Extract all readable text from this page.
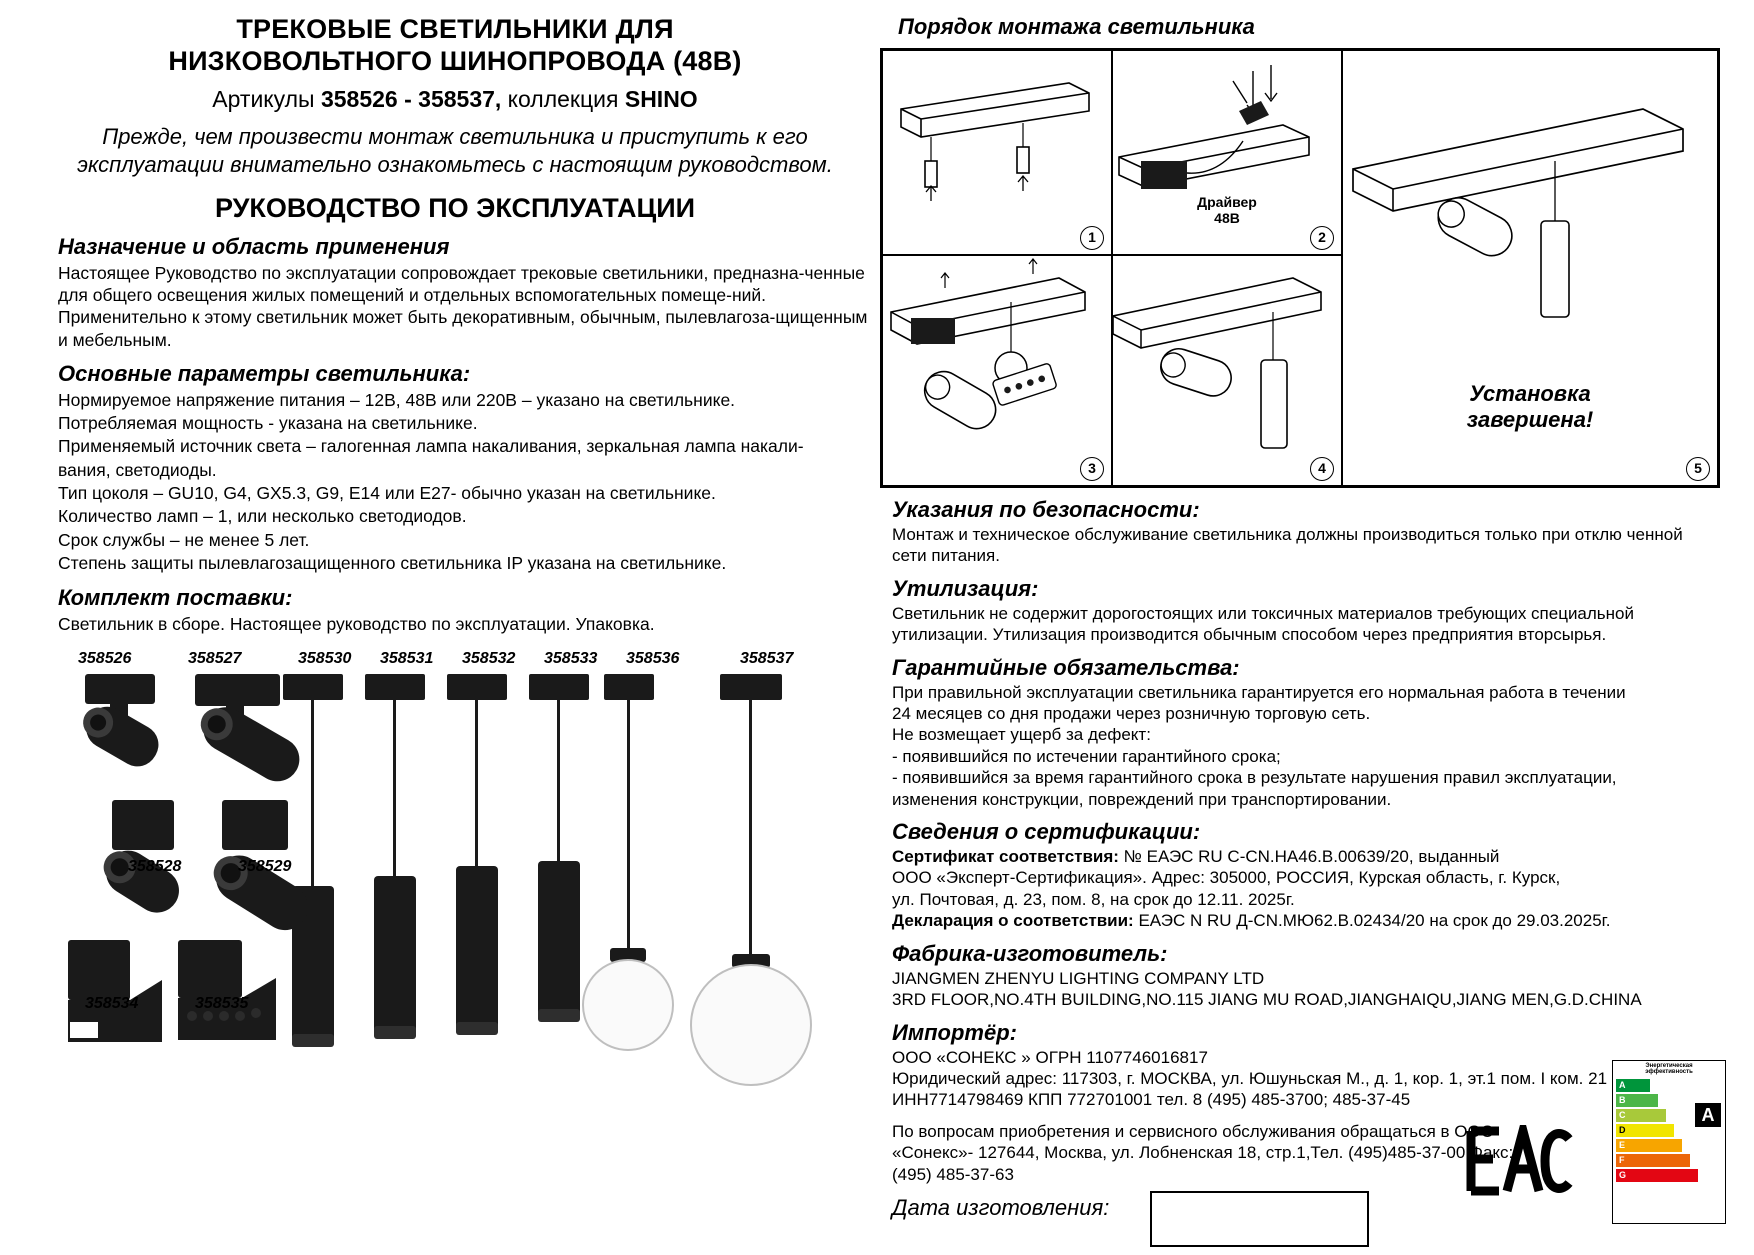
ТРЕКОВЫЕ СВЕТИЛЬНИКИ ДЛЯ
НИЗКОВОЛЬТНОГО ШИНОПРОВОДА (48В)
Артикулы 358526 - 358537, коллекция SHINO
Прежде, чем произвести монтаж светильника и приступить к его эксплуатации внимательно ознакомьтесь с настоящим руководством.
РУКОВОДСТВО ПО ЭКСПЛУАТАЦИИ
Назначение и область применения

Настоящее Руководство по эксплуатации сопровождает трековые светильники, предназна-ченные для общего освещения жилых помещений и отдельных вспомогательных помеще-ний. Применительно к этому светильник может быть декоративным, обычным, пылевлагоза-щищенным и мебельным.

Основные параметры светильника:
Нормируемое напряжение питания – 12В, 48В или 220В – указано на светильнике.
Потребляемая мощность - указана на светильнике.
Применяемый источник света – галогенная лампа накаливания, зеркальная лампа накали-
вания, светодиоды.
Тип цоколя – GU10, G4, GX5.3, G9, E14 или E27- обычно указан на светильнике.
Количество ламп – 1, или несколько светодиодов.
Срок службы – не менее 5 лет.
Степень защиты пылевлагозащищенного светильника IP указана на светильнике.
Комплект поставки:

Светильник в сборе. Настоящее руководство по эксплуатации. Упаковка.

358526	358527	358530 358531 358532 358533 358536	358537
358528	358529
358534	358535
Порядок монтажа светильника
1
Драйвер
48В
2
Установка
завершена!
5
3	4
Указания по безопасности:
Монтаж и техническое обслуживание светильника должны производиться только при отклю ченной сети питания.
Утилизация:
Светильник не содержит дорогостоящих или токсичных материалов требующих специальной утилизации. Утилизация производится обычным способом через предприятия вторсырья.
Гарантийные обязательства:
При правильной эксплуатации светильника гарантируется его нормальная работа в течении
24 месяцев со дня продажи через розничную торговую сеть.
Не возмещает ущерб за дефект:
- появившийся по истечении гарантийного срока;
- появившийся за время гарантийного срока в результате нарушения правил эксплуатации,
изменения конструкции, повреждений при транспортировании.
Сведения о сертификации:
Сертификат соответствия: № ЕАЭС RU C-CN.НА46.В.00639/20, выданный
ООО «Эксперт-Сертификация». Адрес: 305000, РОССИЯ, Курская область, г. Курск,
ул. Почтовая, д. 23, пом. 8, на срок до 12.11. 2025г.
Декларация о соответствии: ЕАЭС N RU Д-CN.МЮ62.В.02434/20 на срок до 29.03.2025г.
Фабрика-изготовитель:
JIANGMEN ZHENYU LIGHTING COMPANY LTD
3RD FLOOR,NO.4TH BUILDING,NO.115 JIANG MU ROAD,JIANGHAIQU,JIANG MEN,G.D.CHINA
Импортёр:
ООО «СОНЕКС » ОГРН 1107746016817
Юридический адрес: 117303, г. МОСКВА, ул. Юшуньская М., д. 1, кор. 1, эт.1 пом. I ком. 21
ИНН7714798469 КПП 772701001 тел. 8 (495) 485-3700; 485-37-45
По вопросам приобретения и сервисного обслуживания обращаться в ООО
«Сонекс»- 127644, Москва, ул. Лобненская 18, стр.1,Тел. (495)485-37-00 Факс:
(495) 485-37-63
Дата изготовления:
Энергетическая
эффективность
A
B
C
D
E
F
G
A
